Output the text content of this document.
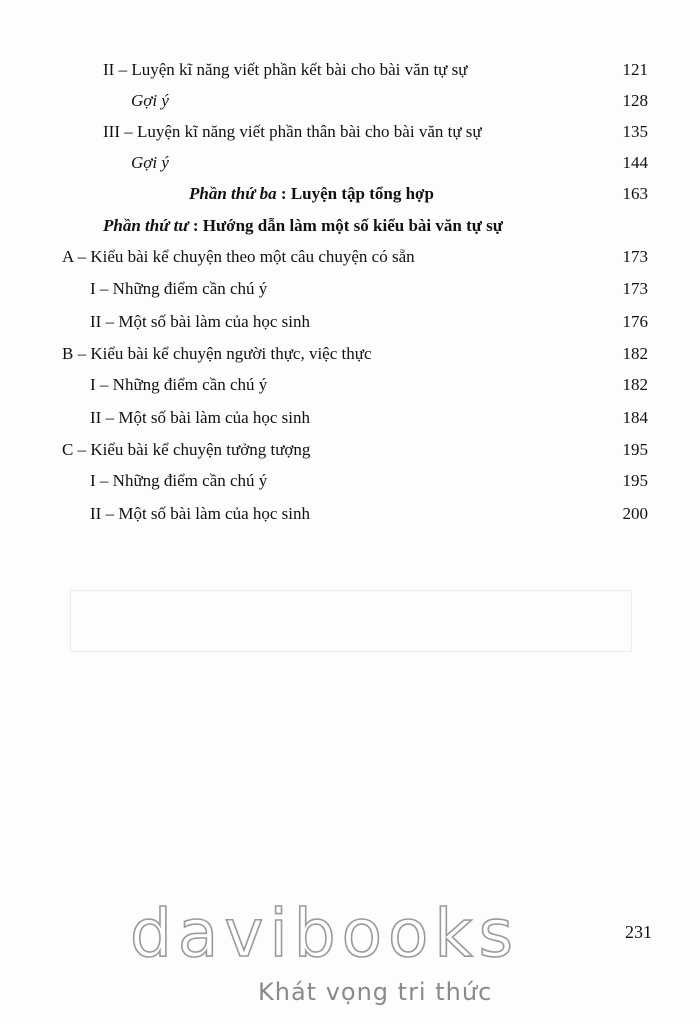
II – Luyện kĩ năng viết phần kết bài cho bài văn tự sự	121
Gợi ý	128
III – Luyện kĩ năng viết phần thân bài cho bài văn tự sự	135
Gợi ý	144
Phần thứ ba : Luyện tập tổng hợp	163
Phần thứ tư : Hướng dẫn làm một số kiểu bài văn tự sự
A – Kiểu bài kể chuyện theo một câu chuyện có sẵn	173
I – Những điểm cần chú ý	173
II – Một số bài làm của học sinh	176
B – Kiểu bài kể chuyện người thực, việc thực	182
I – Những điểm cần chú ý	182
II – Một số bài làm của học sinh	184
C – Kiểu bài kể chuyện tưởng tượng	195
I – Những điểm cần chú ý	195
II – Một số bài làm của học sinh	200
231
davibooks
Khát vọng tri thức
